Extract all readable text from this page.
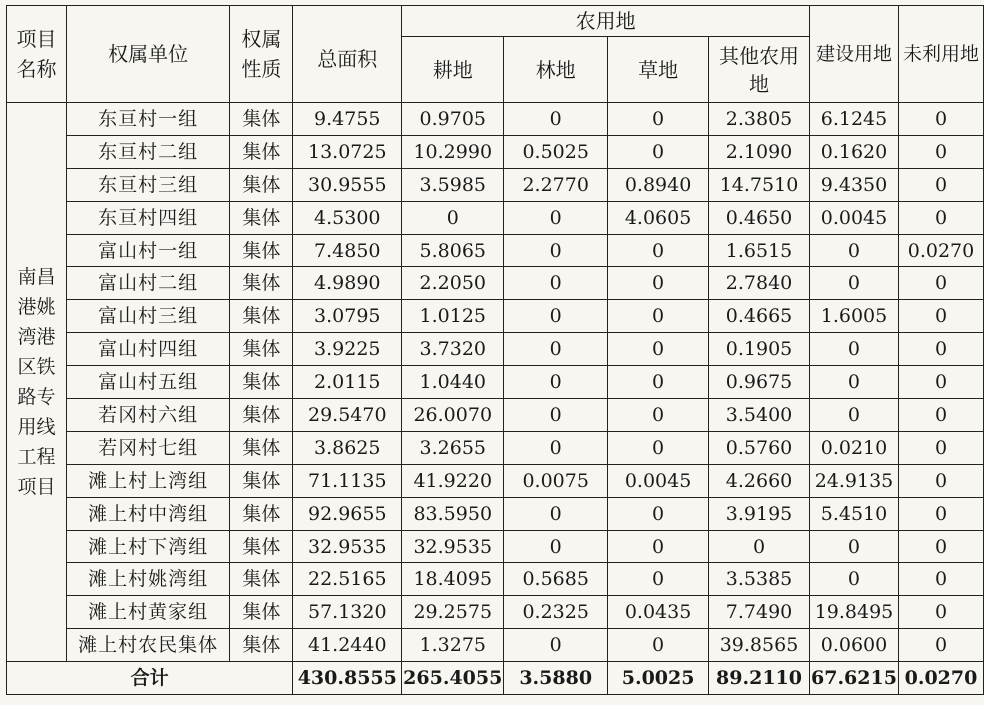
项目名称	权属单位	权属性质	总面积	农用地				建设用地	未利用地
				耕地	林地	草地	其他农用地		
南昌港姚湾港区铁路专用线工程项目	东亘村一组	集体	9.4755	0.9705	0	0	2.3805	6.1245	0
	东亘村二组	集体	13.0725	10.2990	0.5025	0	2.1090	0.1620	0
	东亘村三组	集体	30.9555	3.5985	2.2770	0.8940	14.7510	9.4350	0
	东亘村四组	集体	4.5300	0	0	4.0605	0.4650	0.0045	0
	富山村一组	集体	7.4850	5.8065	0	0	1.6515	0	0.0270
	富山村二组	集体	4.9890	2.2050	0	0	2.7840	0	0
	富山村三组	集体	3.0795	1.0125	0	0	0.4665	1.6005	0
	富山村四组	集体	3.9225	3.7320	0	0	0.1905	0	0
	富山村五组	集体	2.0115	1.0440	0	0	0.9675	0	0
	若冈村六组	集体	29.5470	26.0070	0	0	3.5400	0	0
	若冈村七组	集体	3.8625	3.2655	0	0	0.5760	0.0210	0
	滩上村上湾组	集体	71.1135	41.9220	0.0075	0.0045	4.2660	24.9135	0
	滩上村中湾组	集体	92.9655	83.5950	0	0	3.9195	5.4510	0
	滩上村下湾组	集体	32.9535	32.9535	0	0	0	0	0
	滩上村姚湾组	集体	22.5165	18.4095	0.5685	0	3.5385	0	0
	滩上村黄家组	集体	57.1320	29.2575	0.2325	0.0435	7.7490	19.8495	0
	滩上村农民集体	集体	41.2440	1.3275	0	0	39.8565	0.0600	0
合计			430.8555	265.4055	3.5880	5.0025	89.2110	67.6215	0.0270
